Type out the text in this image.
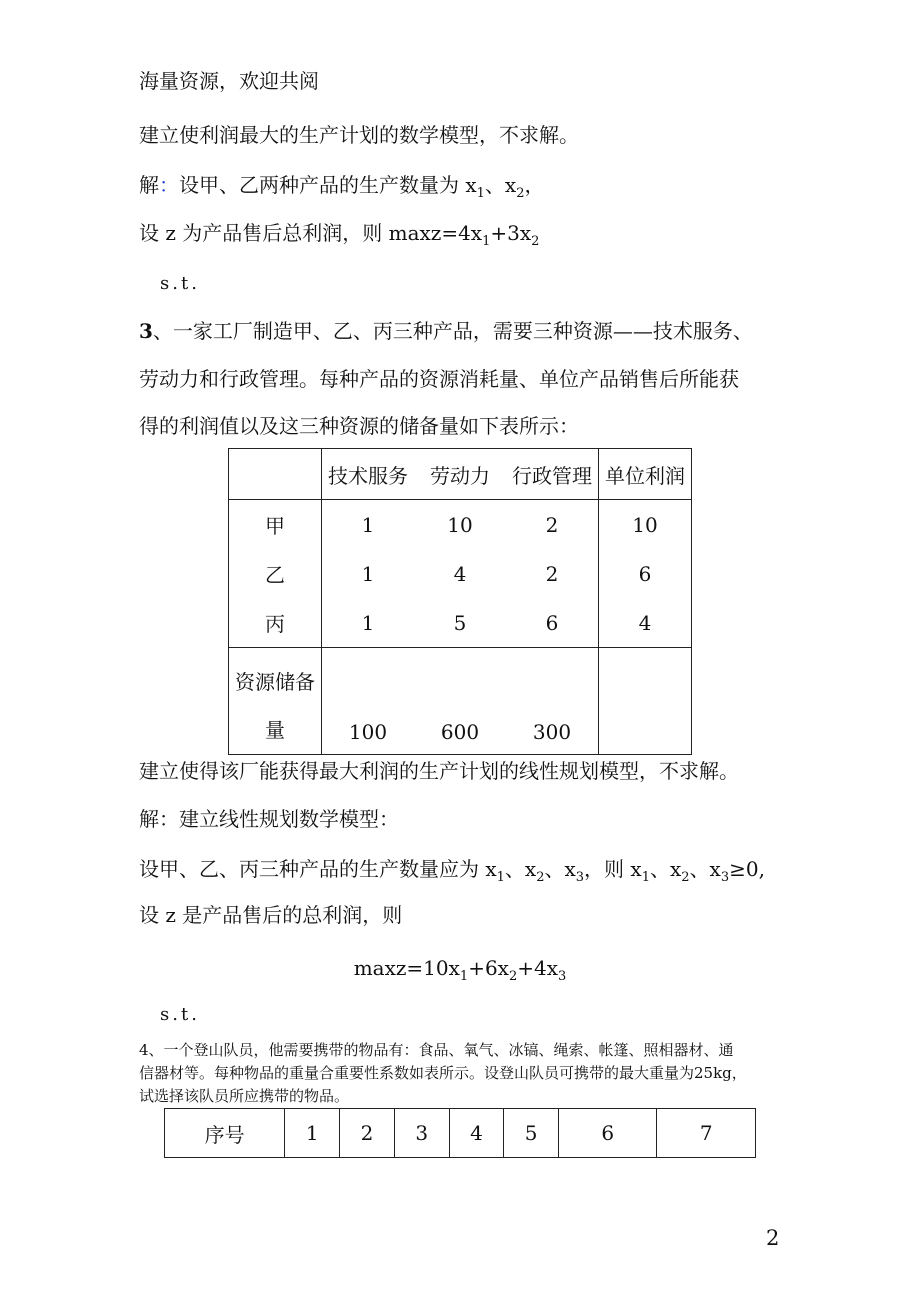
海量资源，欢迎共阅
建立使利润最大的生产计划的数学模型，不求解。
解：设甲、乙两种产品的生产数量为 $x_1$、$x_2$，
设 z 为产品售后总利润，则 $\max z=4x_1+3x_2$
s.t.
3、一家工厂制造甲、乙、丙三种产品，需要三种资源——技术服务、
劳动力和行政管理。每种产品的资源消耗量、单位产品销售后所能获
得的利润值以及这三种资源的储备量如下表所示：
	技术服务	劳动力	行政管理	单位利润
甲	1	10	2	10
乙	1	4	2	6
丙	1	5	6	4

资源储备
量	100	600	300	
建立使得该厂能获得最大利润的生产计划的线性规划模型，不求解。
解：建立线性规划数学模型：
设甲、乙、丙三种产品的生产数量应为 $x_1$、$x_2$、$x_3$，则 $x_1$、$x_2$、$x_3\ge 0$,
设 z 是产品售后的总利润，则
$\max z=10x_1+6x_2+4x_3$
s.t.
4、一个登山队员，他需要携带的物品有：食品、氧气、冰镐、绳索、帐篷、照相器材、通
信器材等。每种物品的重量合重要性系数如表所示。设登山队员可携带的最大重量为25kg，
试选择该队员所应携带的物品。
序号	1	2	3	4	5	6	7
2
